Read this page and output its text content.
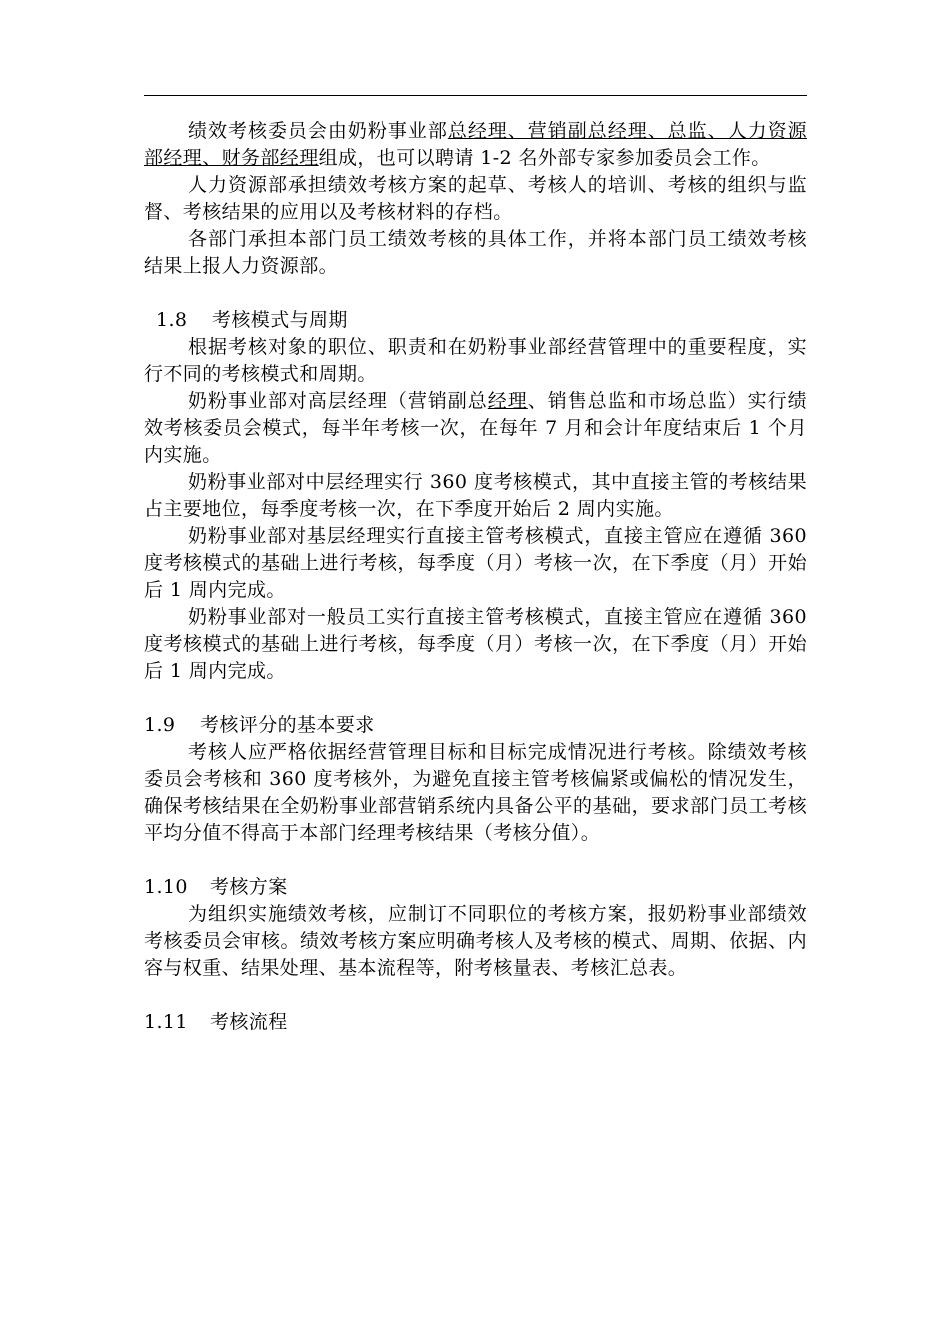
绩效考核委员会由奶粉事业部总经理、营销副总经理、总监、人力资源部经理、财务部经理组成，也可以聘请 1-2 名外部专家参加委员会工作。

人力资源部承担绩效考核方案的起草、考核人的培训、考核的组织与监督、考核结果的应用以及考核材料的存档。

各部门承担本部门员工绩效考核的具体工作，并将本部门员工绩效考核结果上报人力资源部。

1.8 考核模式与周期

根据考核对象的职位、职责和在奶粉事业部经营管理中的重要程度，实行不同的考核模式和周期。

奶粉事业部对高层经理（营销副总经理、销售总监和市场总监）实行绩效考核委员会模式，每半年考核一次，在每年 7 月和会计年度结束后 1 个月内实施。

奶粉事业部对中层经理实行 360 度考核模式，其中直接主管的考核结果占主要地位，每季度考核一次，在下季度开始后 2 周内实施。

奶粉事业部对基层经理实行直接主管考核模式，直接主管应在遵循 360 度考核模式的基础上进行考核，每季度（月）考核一次，在下季度（月）开始后 1 周内完成。

奶粉事业部对一般员工实行直接主管考核模式，直接主管应在遵循 360 度考核模式的基础上进行考核，每季度（月）考核一次，在下季度（月）开始后 1 周内完成。

1.9 考核评分的基本要求

考核人应严格依据经营管理目标和目标完成情况进行考核。除绩效考核委员会考核和 360 度考核外，为避免直接主管考核偏紧或偏松的情况发生，确保考核结果在全奶粉事业部营销系统内具备公平的基础，要求部门员工考核平均分值不得高于本部门经理考核结果（考核分值）。

1.10 考核方案

为组织实施绩效考核，应制订不同职位的考核方案，报奶粉事业部绩效考核委员会审核。绩效考核方案应明确考核人及考核的模式、周期、依据、内容与权重、结果处理、基本流程等，附考核量表、考核汇总表。

1.11 考核流程
